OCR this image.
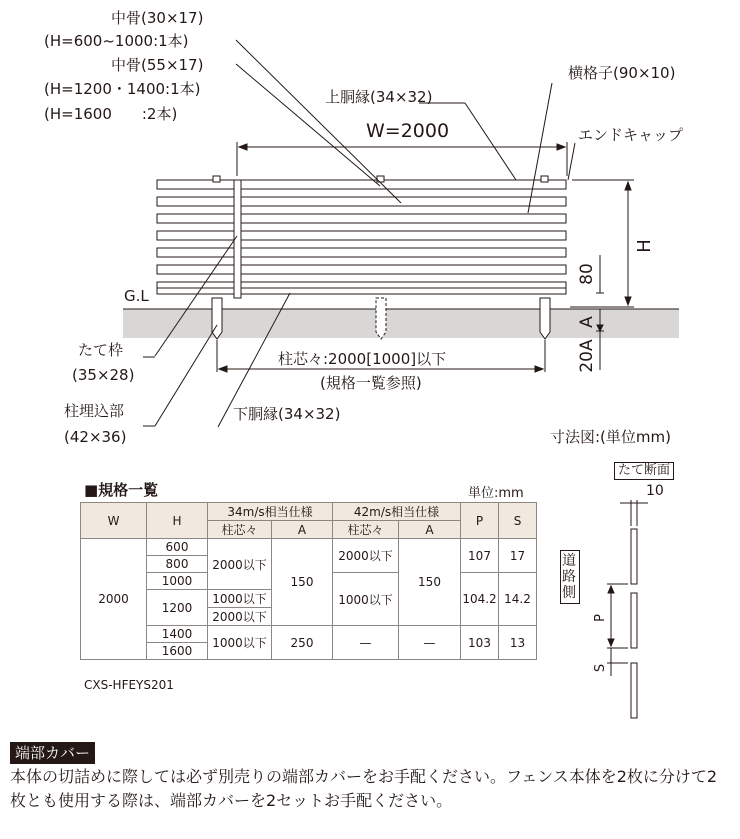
H
80
A
20A
中骨(30×17)
(H=600~1000:1本)
中骨(55×17)
(H=1200・1400:1本)
(H=1600　　:2本)
上胴縁(34×32)
横格子(90×10)
W=2000	エンドキャップ
G.L
たて枠
(35×28)
柱芯々:2000[1000]以下
(規格一覧参照)
柱埋込部
(42×36)
下胴縁(34×32)
寸法図:(単位mm)
■規格一覧	単位:mm
W	H	34m/s相当仕様		42m/s相当仕様		P	S
		柱芯々	A	柱芯々	A		
2000	600	2000以下	150	2000以下	150	107	17
	800						
	1000			1000以下		104.2	14.2
	1200	1000以下					
		2000以下					
	1400	1000以下	250	—	—	103	13
	1600						
CXS-HFEYS201
たて断面
10
道路側
P
S
端部カバー
本体の切詰めに際しては必ず別売りの端部カバーをお手配ください。フェンス本体を2枚に分けて2枚とも使用する際は、端部カバーを2セットお手配ください。
